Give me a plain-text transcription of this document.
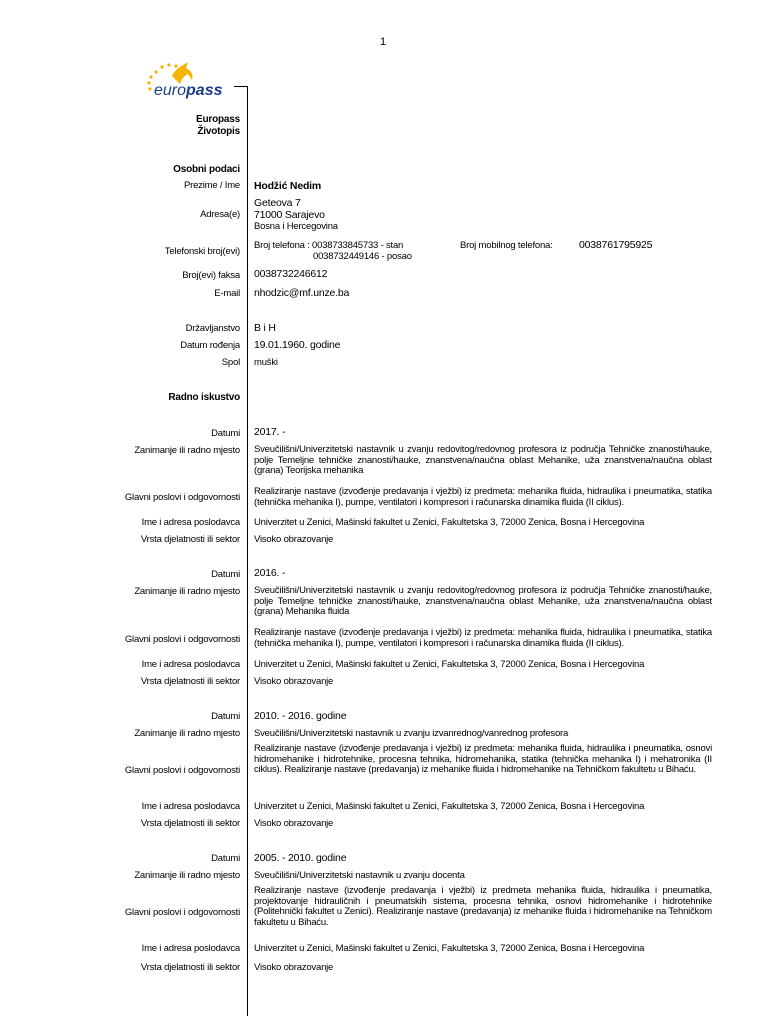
1
europass
Europass
Životopis
Osobni podaci
Prezime / Ime Hodžić Nedim
Geteova 7
Adresa(e) 71000 Sarajevo
Bosna i Hercegovina
Telefonski broj(evi)
Broj telefona : 0038733845733 - stan
0038732449146 - posao
Broj mobilnog telefona:	0038761795925
Broj(evi) faksa 0038732246612
E-mail nhodzic@mf.unze.ba
Državljanstvo B i H
Datum rođenja 19.01.1960. godine
Spol muški
Radno iskustvo
Datumi 2017. -
Zanimanje ili radno mjesto Sveučilišni/Univerzitetski nastavnik u zvanju redovitog/redovnog profesora iz područja Tehničke znanosti/hauke, polje Temeljne tehničke znanosti/hauke, znanstvena/naučna oblast Mehanike, uža znanstvena/naučna oblast (grana) Teorijska mehanika
Glavni poslovi i odgovornosti
Realiziranje nastave (izvođenje predavanja i vježbi) iz predmeta: mehanika fluida, hidraulika i pneumatika, statika (tehnička mehanika I), pumpe, ventilatori i kompresori i računarska dinamika fluida (II ciklus).
Ime i adresa poslodavca Univerzitet u Zenici, Mašinski fakultet u Zenici, Fakultetska 3, 72000 Zenica, Bosna i Hercegovina
Vrsta djelatnosti ili sektor Visoko obrazovanje
Datumi 2016. -
Zanimanje ili radno mjesto Sveučilišni/Univerzitetski nastavnik u zvanju redovitog/redovnog profesora iz područja Tehničke znanosti/hauke, polje Temeljne tehničke znanosti/hauke, znanstvena/naučna oblast Mehanike, uža znanstvena/naučna oblast (grana) Mehanika fluida
Glavni poslovi i odgovornosti
Realiziranje nastave (izvođenje predavanja i vježbi) iz predmeta: mehanika fluida, hidraulika i pneumatika, statika (tehnička mehanika I), pumpe, ventilatori i kompresori i računarska dinamika fluida (II ciklus).
Ime i adresa poslodavca Univerzitet u Zenici, Mašinski fakultet u Zenici, Fakultetska 3, 72000 Zenica, Bosna i Hercegovina
Vrsta djelatnosti ili sektor Visoko obrazovanje
Datumi 2010. - 2016. godine
Zanimanje ili radno mjesto Sveučilišni/Univerzitetski nastavnik u zvanju izvanrednog/vanrednog profesora
Glavni poslovi i odgovornosti
Realiziranje nastave (izvođenje predavanja i vježbi) iz predmeta: mehanika fluida, hidraulika i pneumatika, osnovi hidromehanike i hidrotehnike, procesna tehnika, hidromehanika, statika (tehnička mehanika I) i mehatronika (II ciklus). Realiziranje nastave (predavanja) iz mehanike fluida i hidromehanike na Tehničkom fakultetu u Bihaću.
Ime i adresa poslodavca Univerzitet u Zenici, Mašinski fakultet u Zenici, Fakultetska 3, 72000 Zenica, Bosna i Hercegovina
Vrsta djelatnosti ili sektor Visoko obrazovanje
Datumi 2005. - 2010. godine
Zanimanje ili radno mjesto Sveučilišni/Univerzitetski nastavnik u zvanju docenta
Glavni poslovi i odgovornosti
Realiziranje nastave (izvođenje predavanja i vježbi) iz predmeta mehanika fluida, hidraulika i pneumatika, projektovanje hidrauličnih i pneumatskih sistema, procesna tehnika, osnovi hidromehanike i hidrotehnike (Politehnički fakultet u Zenici). Realiziranje nastave (predavanja) iz mehanike fluida i hidromehanike na Tehničkom fakultetu u Bihaću.
Ime i adresa poslodavca Univerzitet u Zenici, Mašinski fakultet u Zenici, Fakultetska 3, 72000 Zenica, Bosna i Hercegovina
Vrsta djelatnosti ili sektor Visoko obrazovanje
